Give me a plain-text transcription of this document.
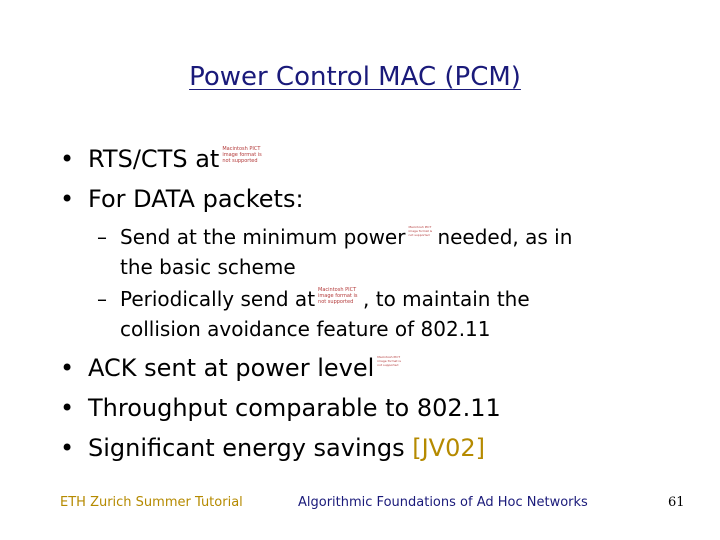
Power Control MAC (PCM)
• RTS/CTS at Macintosh PICT image format is not supported
• For DATA packets:
– Send at the minimum power Macintosh PICT image format is not supported needed, as in
the basic scheme
– Periodically send at Macintosh PICT image format is not supported , to maintain the
collision avoidance feature of 802.11
• ACK sent at power level Macintosh PICT image format is not supported
• Throughput comparable to 802.11
• Significant energy savings [JV02]
ETH Zurich Summer Tutorial	Algorithmic Foundations of Ad Hoc Networks	61
